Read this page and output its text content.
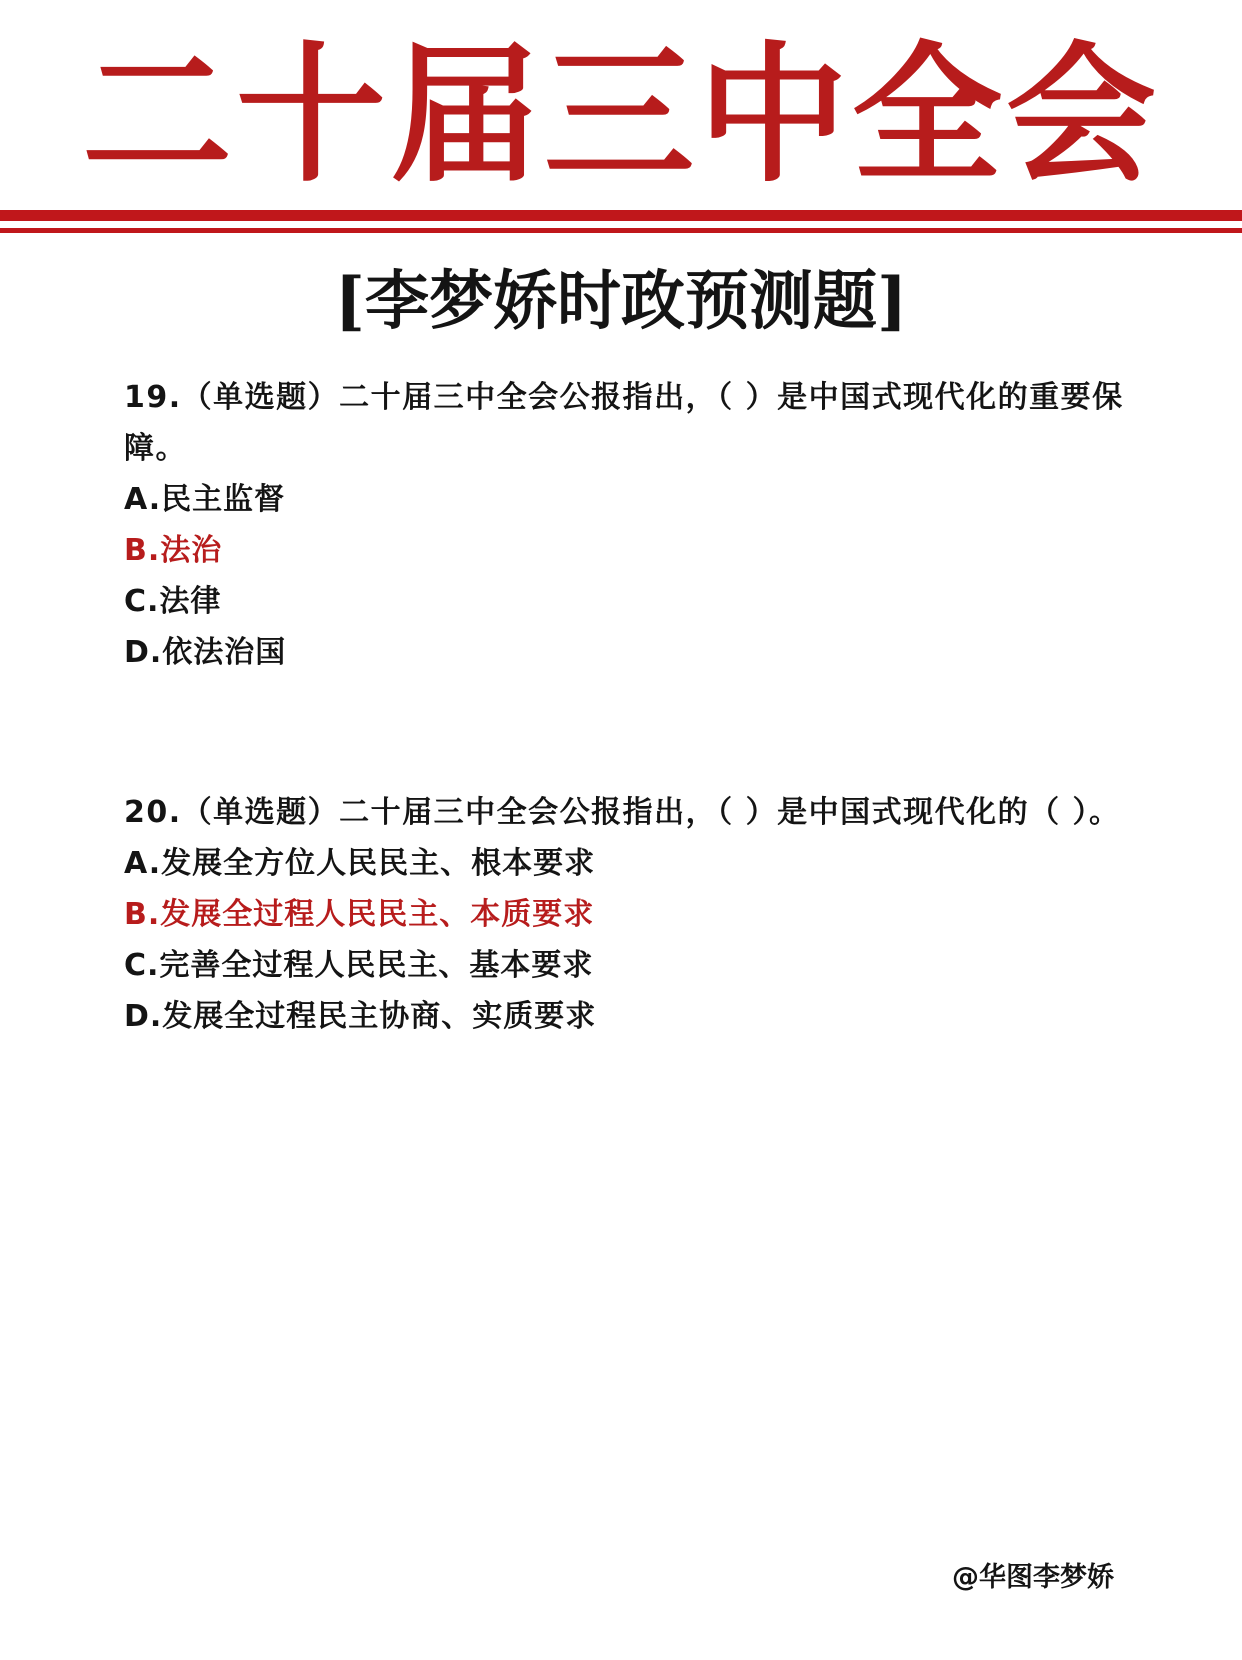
二十届三中全会
[李梦娇时政预测题]

19.（单选题）二十届三中全会公报指出，（ ）是中国式现代化的重要保障。

A.民主监督

B.法治

C.法律

D.依法治国

20.（单选题）二十届三中全会公报指出，（ ）是中国式现代化的（ ）。

A.发展全方位人民民主、根本要求

B.发展全过程人民民主、本质要求

C.完善全过程人民民主、基本要求

D.发展全过程民主协商、实质要求

@华图李梦娇
